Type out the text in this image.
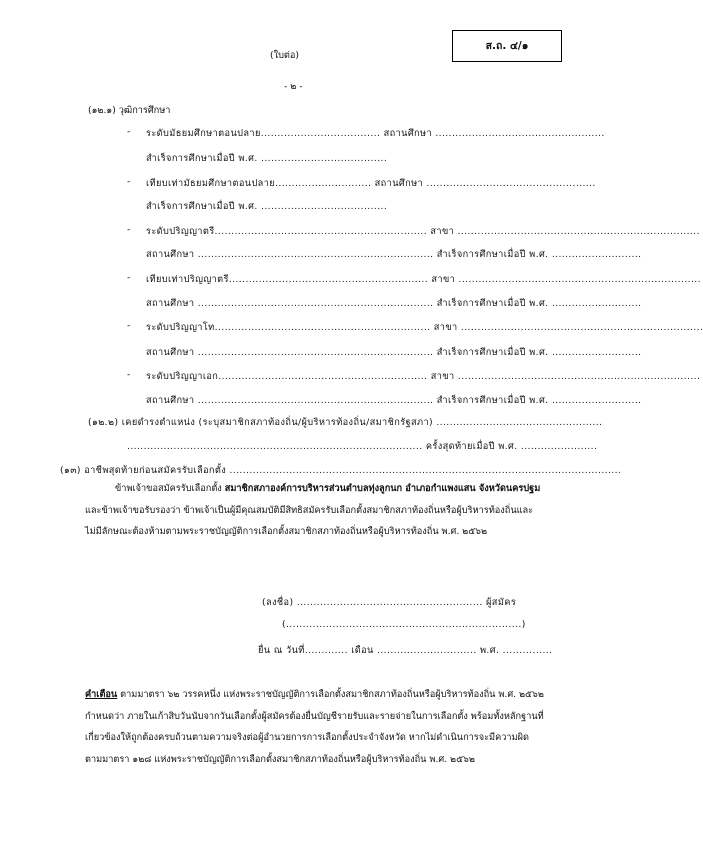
ส.ถ. ๔/๑
(ใบต่อ)
- ๒ -
(๑๒.๑) วุฒิการศึกษา
- ระดับมัธยมศึกษาตอนปลาย.................................... สถานศึกษา ...................................................
สำเร็จการศึกษาเมื่อปี พ.ศ. ......................................
- เทียบเท่ามัธยมศึกษาตอนปลาย............................. สถานศึกษา ...................................................
สำเร็จการศึกษาเมื่อปี พ.ศ. ......................................
- ระดับปริญญาตรี................................................................ สาขา .........................................................................
สถานศึกษา ....................................................................... สำเร็จการศึกษาเมื่อปี พ.ศ. ...........................
- เทียบเท่าปริญญาตรี............................................................ สาขา .........................................................................
สถานศึกษา ....................................................................... สำเร็จการศึกษาเมื่อปี พ.ศ. ...........................
- ระดับปริญญาโท................................................................. สาขา .........................................................................
สถานศึกษา ....................................................................... สำเร็จการศึกษาเมื่อปี พ.ศ. ...........................
- ระดับปริญญาเอก............................................................... สาขา .........................................................................
สถานศึกษา ....................................................................... สำเร็จการศึกษาเมื่อปี พ.ศ. ...........................
(๑๒.๒) เคยดำรงตำแหน่ง (ระบุสมาชิกสภาท้องถิ่น/ผู้บริหารท้องถิ่น/สมาชิกรัฐสภา) ..................................................
......................................................................................... ครั้งสุดท้ายเมื่อปี พ.ศ. .......................
(๑๓) อาชีพสุดท้ายก่อนสมัครรับเลือกตั้ง ......................................................................................................................
ข้าพเจ้าขอสมัครรับเลือกตั้ง สมาชิกสภาองค์การบริหารส่วนตำบลทุ่งลูกนก อำเภอกำแพงแสน จังหวัดนครปฐม และข้าพเจ้าขอรับรองว่า ข้าพเจ้าเป็นผู้มีคุณสมบัติมีสิทธิสมัครรับเลือกตั้งสมาชิกสภาท้องถิ่นหรือผู้บริหารท้องถิ่นและไม่มีลักษณะต้องห้ามตามพระราชบัญญัติการเลือกตั้งสมาชิกสภาท้องถิ่นหรือผู้บริหารท้องถิ่น พ.ศ. ๒๕๖๒
(ลงชื่อ) ........................................................ ผู้สมัคร
(.......................................................................)
ยื่น ณ วันที่............. เดือน .............................. พ.ศ. ...............
คำเตือน ตามมาตรา ๖๒ วรรคหนึ่ง แห่งพระราชบัญญัติการเลือกตั้งสมาชิกสภาท้องถิ่นหรือผู้บริหารท้องถิ่น พ.ศ. ๒๕๖๒ กำหนดว่า ภายในเก้าสิบวันนับจากวันเลือกตั้งผู้สมัครต้องยื่นบัญชีรายรับและรายจ่ายในการเลือกตั้ง พร้อมทั้งหลักฐานที่เกี่ยวข้องให้ถูกต้องครบถ้วนตามความจริงต่อผู้อำนวยการการเลือกตั้งประจำจังหวัด หากไม่ดำเนินการจะมีความผิดตามมาตรา ๑๒๘ แห่งพระราชบัญญัติการเลือกตั้งสมาชิกสภาท้องถิ่นหรือผู้บริหารท้องถิ่น พ.ศ. ๒๕๖๒
